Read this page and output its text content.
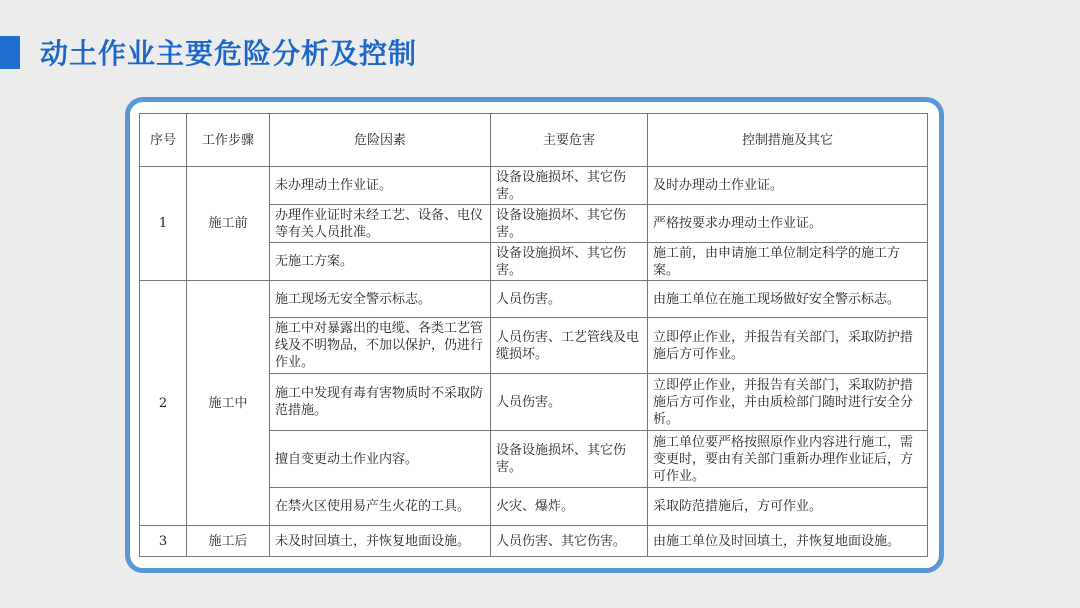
动土作业主要危险分析及控制
序号	工作步骤	危险因素	主要危害	控制措施及其它
1	施工前	未办理动土作业证。	设备设施损坏、其它伤害。	及时办理动土作业证。
		办理作业证时未经工艺、设备、电仪等有关人员批准。	设备设施损坏、其它伤害。	严格按要求办理动土作业证。
		无施工方案。	设备设施损坏、其它伤害。	施工前，由申请施工单位制定科学的施工方案。
2	施工中	施工现场无安全警示标志。	人员伤害。	由施工单位在施工现场做好安全警示标志。
		施工中对暴露出的电缆、各类工艺管线及不明物品，不加以保护，仍进行作业。	人员伤害、工艺管线及电缆损坏。	立即停止作业，并报告有关部门，采取防护措施后方可作业。
		施工中发现有毒有害物质时不采取防范措施。	人员伤害。	立即停止作业，并报告有关部门，采取防护措施后方可作业，并由质检部门随时进行安全分析。
		擅自变更动土作业内容。	设备设施损坏、其它伤害。	施工单位要严格按照原作业内容进行施工，需变更时，要由有关部门重新办理作业证后，方可作业。
		在禁火区使用易产生火花的工具。	火灾、爆炸。	采取防范措施后，方可作业。
3	施工后	未及时回填土，并恢复地面设施。	人员伤害、其它伤害。	由施工单位及时回填土，并恢复地面设施。
